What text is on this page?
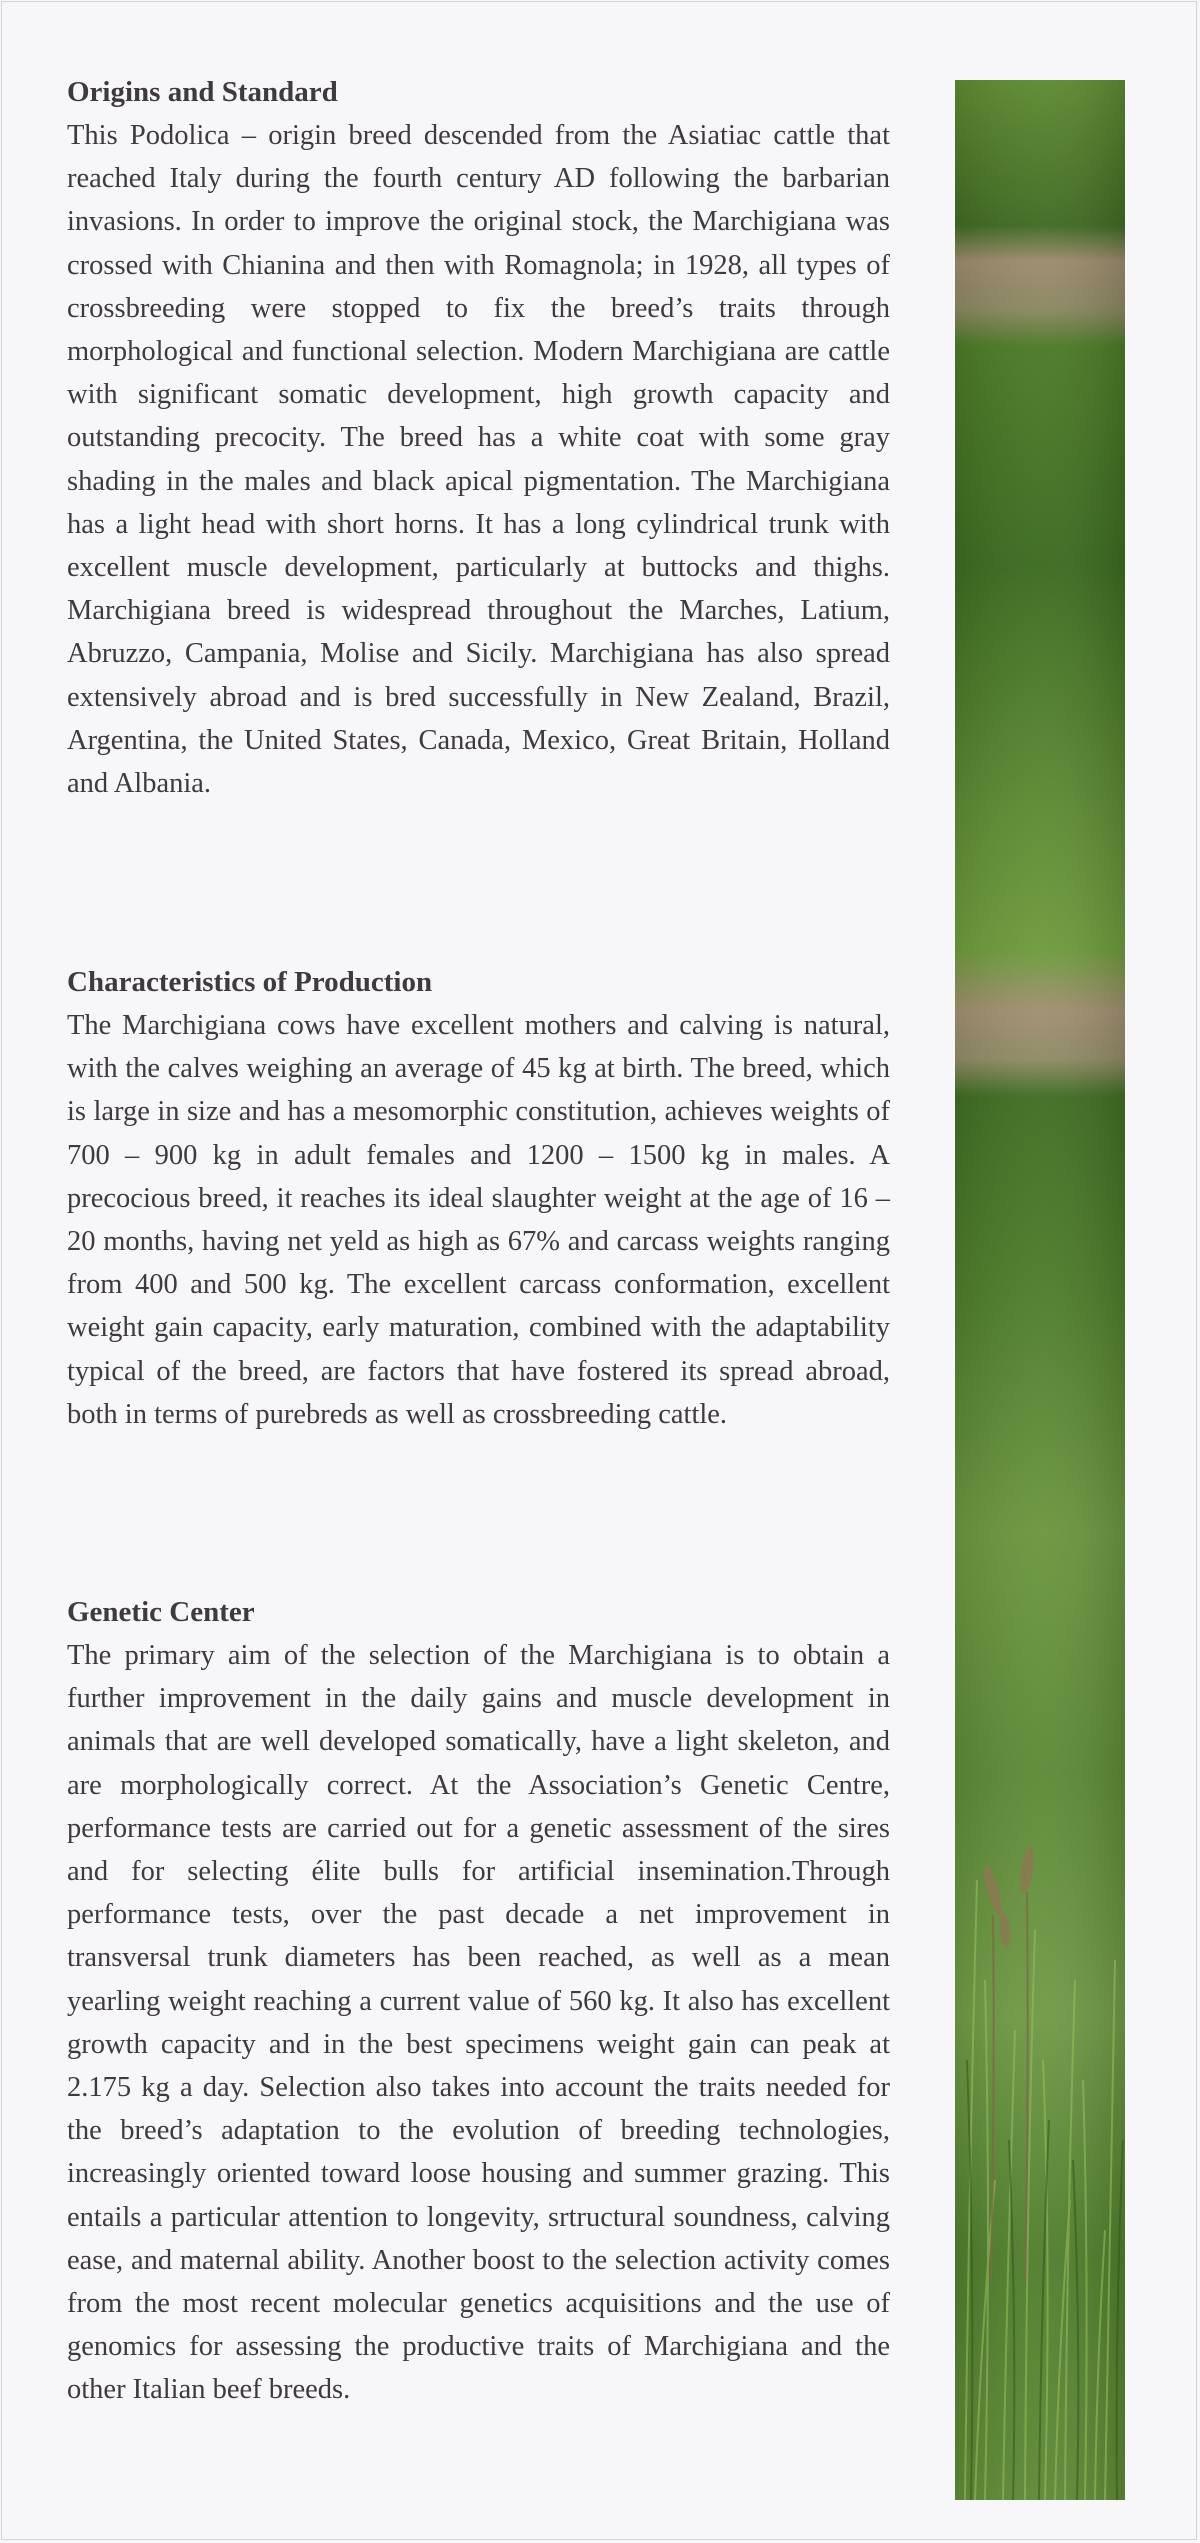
Origins and Standard

This Podolica – origin breed descended from the Asiatiac cattle that reached Italy during the fourth century AD following the barbarian invasions. In order to improve the original stock, the Marchigiana was crossed with Chianina and then with Romagnola; in 1928, all types of crossbreeding were stopped to fix the breed’s traits through morphological and functional selection. Modern Marchigiana are cattle with significant somatic development, high growth capacity and outstanding precocity. The breed has a white coat with some gray shading in the males and black apical pigmentation. The Marchigiana has a light head with short horns. It has a long cylindrical trunk with excellent muscle development, particularly at buttocks and thighs. Marchigiana breed is widespread throughout the Marches, Latium, Abruzzo, Campania, Molise and Sicily. Marchigiana has also spread extensively abroad and is bred successfully in New Zealand, Brazil, Argentina, the United States, Canada, Mexico, Great Britain, Holland and Albania.

Characteristics of Production

The Marchigiana cows have excellent mothers and calving is natural, with the calves weighing an average of 45 kg at birth. The breed, which is large in size and has a mesomorphic constitution, achieves weights of 700 – 900 kg in adult females and 1200 – 1500 kg in males. A precocious breed, it reaches its ideal slaughter weight at the age of 16 – 20 months, having net yeld as high as 67% and carcass weights ranging from 400 and 500 kg. The excellent carcass conformation, excellent weight gain capacity, early maturation, combined with the adaptability typical of the breed, are factors that have fostered its spread abroad, both in terms of purebreds as well as crossbreeding cattle.

Genetic Center

The primary aim of the selection of the Marchigiana is to obtain a further improvement in the daily gains and muscle development in animals that are well developed somatically, have a light skeleton, and are morphologically correct. At the Association’s Genetic Centre, performance tests are carried out for a genetic assessment of the sires and for selecting élite bulls for artificial insemination.Through performance tests, over the past decade a net improvement in transversal trunk diameters has been reached, as well as a mean yearling weight reaching a current value of 560 kg. It also has excellent growth capacity and in the best specimens weight gain can peak at 2.175 kg a day. Selection also takes into account the traits needed for the breed’s adaptation to the evolution of breeding technologies, increasingly oriented toward loose housing and summer grazing. This entails a particular attention to longevity, srtructural soundness, calving ease, and maternal ability. Another boost to the selection activity comes from the most recent molecular genetics acquisitions and the use of genomics for assessing the productive traits of Marchigiana and the other Italian beef breeds.
